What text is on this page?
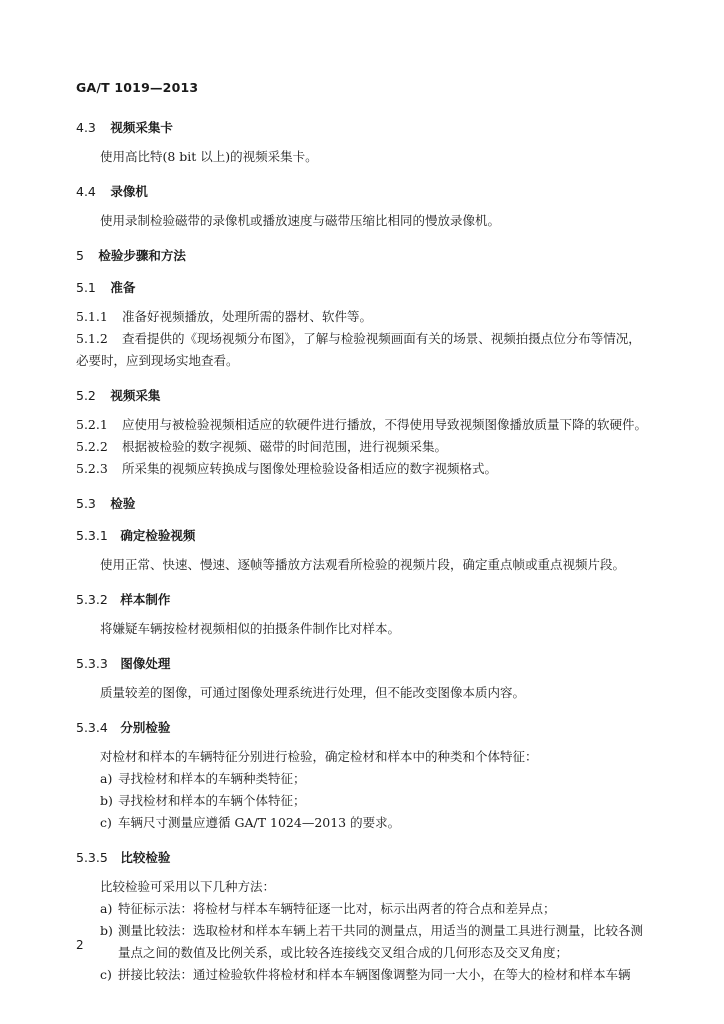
GA/T 1019—2013
4.3 视频采集卡
使用高比特(8 bit 以上)的视频采集卡。
4.4 录像机
使用录制检验磁带的录像机或播放速度与磁带压缩比相同的慢放录像机。
5 检验步骤和方法
5.1 准备
5.1.1 准备好视频播放，处理所需的器材、软件等。
5.1.2 查看提供的《现场视频分布图》，了解与检验视频画面有关的场景、视频拍摄点位分布等情况，必要时，应到现场实地查看。
5.2 视频采集
5.2.1 应使用与被检验视频相适应的软硬件进行播放，不得使用导致视频图像播放质量下降的软硬件。
5.2.2 根据被检验的数字视频、磁带的时间范围，进行视频采集。
5.2.3 所采集的视频应转换成与图像处理检验设备相适应的数字视频格式。
5.3 检验
5.3.1 确定检验视频
使用正常、快速、慢速、逐帧等播放方法观看所检验的视频片段，确定重点帧或重点视频片段。
5.3.2 样本制作
将嫌疑车辆按检材视频相似的拍摄条件制作比对样本。
5.3.3 图像处理
质量较差的图像，可通过图像处理系统进行处理，但不能改变图像本质内容。
5.3.4 分别检验
对检材和样本的车辆特征分别进行检验，确定检材和样本中的种类和个体特征：
a) 寻找检材和样本的车辆种类特征；
b) 寻找检材和样本的车辆个体特征；
c) 车辆尺寸测量应遵循 GA/T 1024—2013 的要求。
5.3.5 比较检验
比较检验可采用以下几种方法：
a) 特征标示法：将检材与样本车辆特征逐一比对，标示出两者的符合点和差异点；
b) 测量比较法：选取检材和样本车辆上若干共同的测量点，用适当的测量工具进行测量，比较各测量点之间的数值及比例关系，或比较各连接线交叉组合成的几何形态及交叉角度；
c) 拼接比较法：通过检验软件将检材和样本车辆图像调整为同一大小，在等大的检材和样本车辆
2
